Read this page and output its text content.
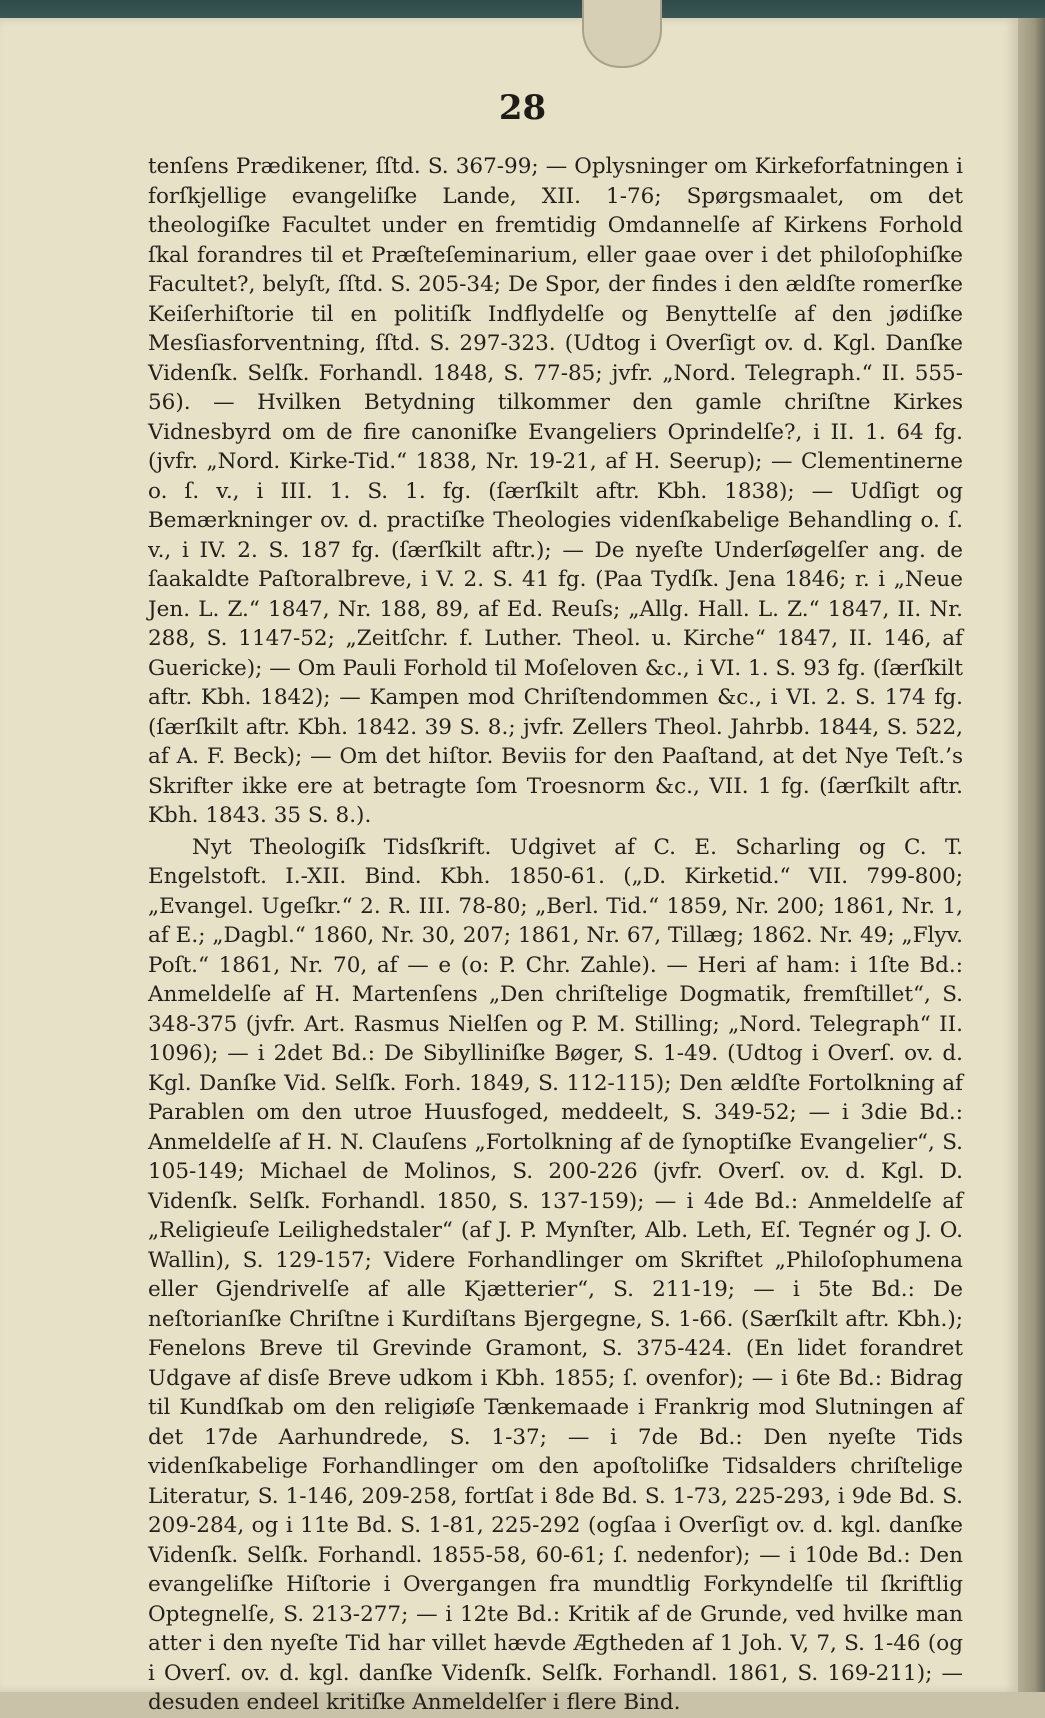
28

tenſens Prædikener, ſſtd. S. 367-99; — Oplysninger om Kirkeforfatningen i forſkjellige evangeliſke Lande, XII. 1-76; Spørgsmaalet, om det theologiſke Facultet under en fremtidig Omdannelſe af Kirkens Forhold ſkal forandres til et Præſteſeminarium, eller gaae over i det philoſophiſke Facultet?, belyſt, ſſtd. S. 205-34; De Spor, der findes i den ældſte romerſke Keiſerhiſtorie til en politiſk Indflydelſe og Benyttelſe af den jødiſke Mesſiasforventning, ſſtd. S. 297-323. (Udtog i Overſigt ov. d. Kgl. Danſke Videnſk. Selſk. Forhandl. 1848, S. 77-85; jvfr. „Nord. Telegraph.“ II. 555-56). — Hvilken Betydning tilkommer den gamle chriſtne Kirkes Vidnesbyrd om de fire canoniſke Evangeliers Oprindelſe?, i II. 1. 64 fg. (jvfr. „Nord. Kirke-Tid.“ 1838, Nr. 19-21, af H. Seerup); — Clementinerne o. ſ. v., i III. 1. S. 1. fg. (ſærſkilt aftr. Kbh. 1838); — Udſigt og Bemærkninger ov. d. practiſke Theologies videnſkabelige Behandling o. ſ. v., i IV. 2. S. 187 fg. (ſærſkilt aftr.); — De nyeſte Underſøgelſer ang. de ſaakaldte Paſtoralbreve, i V. 2. S. 41 fg. (Paa Tydſk. Jena 1846; r. i „Neue Jen. L. Z.“ 1847, Nr. 188, 89, af Ed. Reuſs; „Allg. Hall. L. Z.“ 1847, II. Nr. 288, S. 1147-52; „Zeitſchr. f. Luther. Theol. u. Kirche“ 1847, II. 146, af Guericke); — Om Pauli Forhold til Moſeloven &c., i VI. 1. S. 93 fg. (ſærſkilt aftr. Kbh. 1842); — Kampen mod Chriſtendommen &c., i VI. 2. S. 174 fg. (ſærſkilt aftr. Kbh. 1842. 39 S. 8.; jvfr. Zellers Theol. Jahrbb. 1844, S. 522, af A. F. Beck); — Om det hiſtor. Beviis for den Paaſtand, at det Nye Teſt.’s Skrifter ikke ere at betragte ſom Troesnorm &c., VII. 1 fg. (ſærſkilt aftr. Kbh. 1843. 35 S. 8.).

Nyt Theologiſk Tidsſkrift. Udgivet af C. E. Scharling og C. T. Engelstoft. I.-XII. Bind. Kbh. 1850-61. („D. Kirketid.“ VII. 799-800; „Evangel. Ugeſkr.“ 2. R. III. 78-80; „Berl. Tid.“ 1859, Nr. 200; 1861, Nr. 1, af E.; „Dagbl.“ 1860, Nr. 30, 207; 1861, Nr. 67, Tillæg; 1862. Nr. 49; „Flyv. Poſt.“ 1861, Nr. 70, af — e (o: P. Chr. Zahle). — Heri af ham: i 1ſte Bd.: Anmeldelſe af H. Martenſens „Den chriſtelige Dogmatik, fremſtillet“, S. 348-375 (jvfr. Art. Rasmus Nielſen og P. M. Stilling; „Nord. Telegraph“ II. 1096); — i 2det Bd.: De Sibylliniſke Bøger, S. 1-49. (Udtog i Overſ. ov. d. Kgl. Danſke Vid. Selſk. Forh. 1849, S. 112-115); Den ældſte Fortolkning af Parablen om den utroe Huusfoged, meddeelt, S. 349-52; — i 3die Bd.: Anmeldelſe af H. N. Clauſens „Fortolkning af de ſynoptiſke Evangelier“, S. 105-149; Michael de Molinos, S. 200-226 (jvfr. Overſ. ov. d. Kgl. D. Videnſk. Selſk. Forhandl. 1850, S. 137-159); — i 4de Bd.: Anmeldelſe af „Religieuſe Leilighedstaler“ (af J. P. Mynſter, Alb. Leth, Eſ. Tegnér og J. O. Wallin), S. 129-157; Videre Forhandlinger om Skriftet „Philoſophumena eller Gjendrivelſe af alle Kjætterier“, S. 211-19; — i 5te Bd.: De neſtorianſke Chriſtne i Kurdiſtans Bjergegne, S. 1-66. (Særſkilt aftr. Kbh.); Fenelons Breve til Grevinde Gramont, S. 375-424. (En lidet forandret Udgave af disſe Breve udkom i Kbh. 1855; ſ. ovenfor); — i 6te Bd.: Bidrag til Kundſkab om den religiøſe Tænkemaade i Frankrig mod Slutningen af det 17de Aarhundrede, S. 1-37; — i 7de Bd.: Den nyeſte Tids videnſkabelige Forhandlinger om den apoſtoliſke Tidsalders chriſtelige Literatur, S. 1-146, 209-258, fortſat i 8de Bd. S. 1-73, 225-293, i 9de Bd. S. 209-284, og i 11te Bd. S. 1-81, 225-292 (ogſaa i Overſigt ov. d. kgl. danſke Videnſk. Selſk. Forhandl. 1855-58, 60-61; ſ. nedenfor); — i 10de Bd.: Den evangeliſke Hiſtorie i Overgangen fra mundtlig Forkyndelſe til ſkriftlig Optegnelſe, S. 213-277; — i 12te Bd.: Kritik af de Grunde, ved hvilke man atter i den nyeſte Tid har villet hævde Ægtheden af 1 Joh. V, 7, S. 1-46 (og i Overſ. ov. d. kgl. danſke Videnſk. Selſk. Forhandl. 1861, S. 169-211); — desuden endeel kritiſke Anmeldelſer i flere Bind.
